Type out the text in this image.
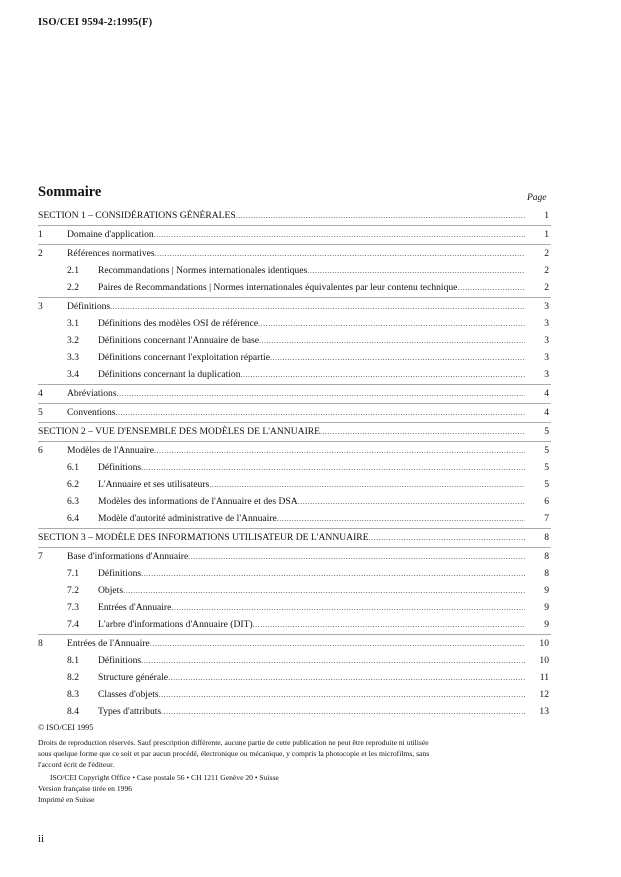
ISO/CEI 9594-2:1995(F)
Sommaire	Page
SECTION 1 – CONSIDÉRATIONS GÉNÉRALES .....	1
1	Domaine d'application .....	1
2	Références normatives .....	2
2.1 Recommandations | Normes internationales identiques .....	2
2.2 Paires de Recommandations | Normes internationales équivalentes par leur contenu technique .....	2
3	Définitions .....	3
3.1 Définitions des modèles OSI de référence .....	3
3.2 Définitions concernant l'Annuaire de base .....	3
3.3 Définitions concernant l'exploitation répartie .....	3
3.4 Définitions concernant la duplication .....	3
4	Abréviations .....	4
5	Conventions .....	4
SECTION 2 – VUE D'ENSEMBLE DES MODÈLES DE L'ANNUAIRE .....	5
6	Modèles de l'Annuaire .....	5
6.1 Définitions .....	5
6.2 L'Annuaire et ses utilisateurs .....	5
6.3 Modèles des informations de l'Annuaire et des DSA .....	6
6.4 Modèle d'autorité administrative de l'Annuaire .....	7
SECTION 3 – MODÈLE DES INFORMATIONS UTILISATEUR DE L'ANNUAIRE .....	8
7	Base d'informations d'Annuaire .....	8
7.1 Définitions .....	8
7.2 Objets .....	9
7.3 Entrées d'Annuaire .....	9
7.4 L'arbre d'informations d'Annuaire (DIT) .....	9
8	Entrées de l'Annuaire .....	10
8.1 Définitions .....	10
8.2 Structure générale .....	11
8.3 Classes d'objets .....	12
8.4 Types d'attributs .....	13
© ISO/CEI 1995
Droits de reproduction réservés. Sauf prescription différente, aucune partie de cette publication ne peut être reproduite ni utilisée sous quelque forme que ce soit et par aucun procédé, électronique ou mécanique, y compris la photocopie et les microfilms, sans l'accord écrit de l'éditeur.
ISO/CEI Copyright Office • Case postale 56 • CH 1211 Genève 20 • Suisse
Version française tirée en 1996
Imprimé en Suisse
ii
